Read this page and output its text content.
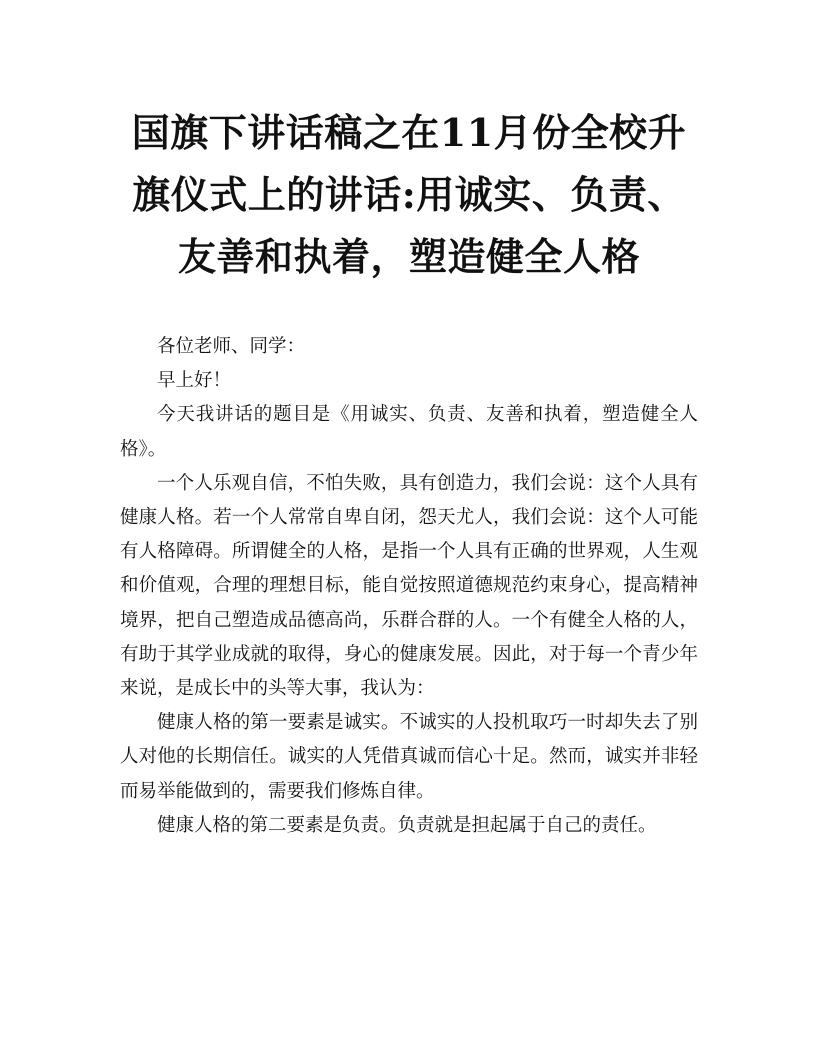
国旗下讲话稿之在11月份全校升旗仪式上的讲话:用诚实、负责、友善和执着，塑造健全人格

各位老师、同学：

早上好！

今天我讲话的题目是《用诚实、负责、友善和执着，塑造健全人格》。

一个人乐观自信，不怕失败，具有创造力，我们会说：这个人具有健康人格。若一个人常常自卑自闭，怨天尤人，我们会说：这个人可能有人格障碍。所谓健全的人格，是指一个人具有正确的世界观，人生观和价值观，合理的理想目标，能自觉按照道德规范约束身心，提高精神境界，把自己塑造成品德高尚，乐群合群的人。一个有健全人格的人，有助于其学业成就的取得，身心的健康发展。因此，对于每一个青少年来说，是成长中的头等大事，我认为：

健康人格的第一要素是诚实。不诚实的人投机取巧一时却失去了别人对他的长期信任。诚实的人凭借真诚而信心十足。然而，诚实并非轻而易举能做到的，需要我们修炼自律。

健康人格的第二要素是负责。负责就是担起属于自己的责任。
